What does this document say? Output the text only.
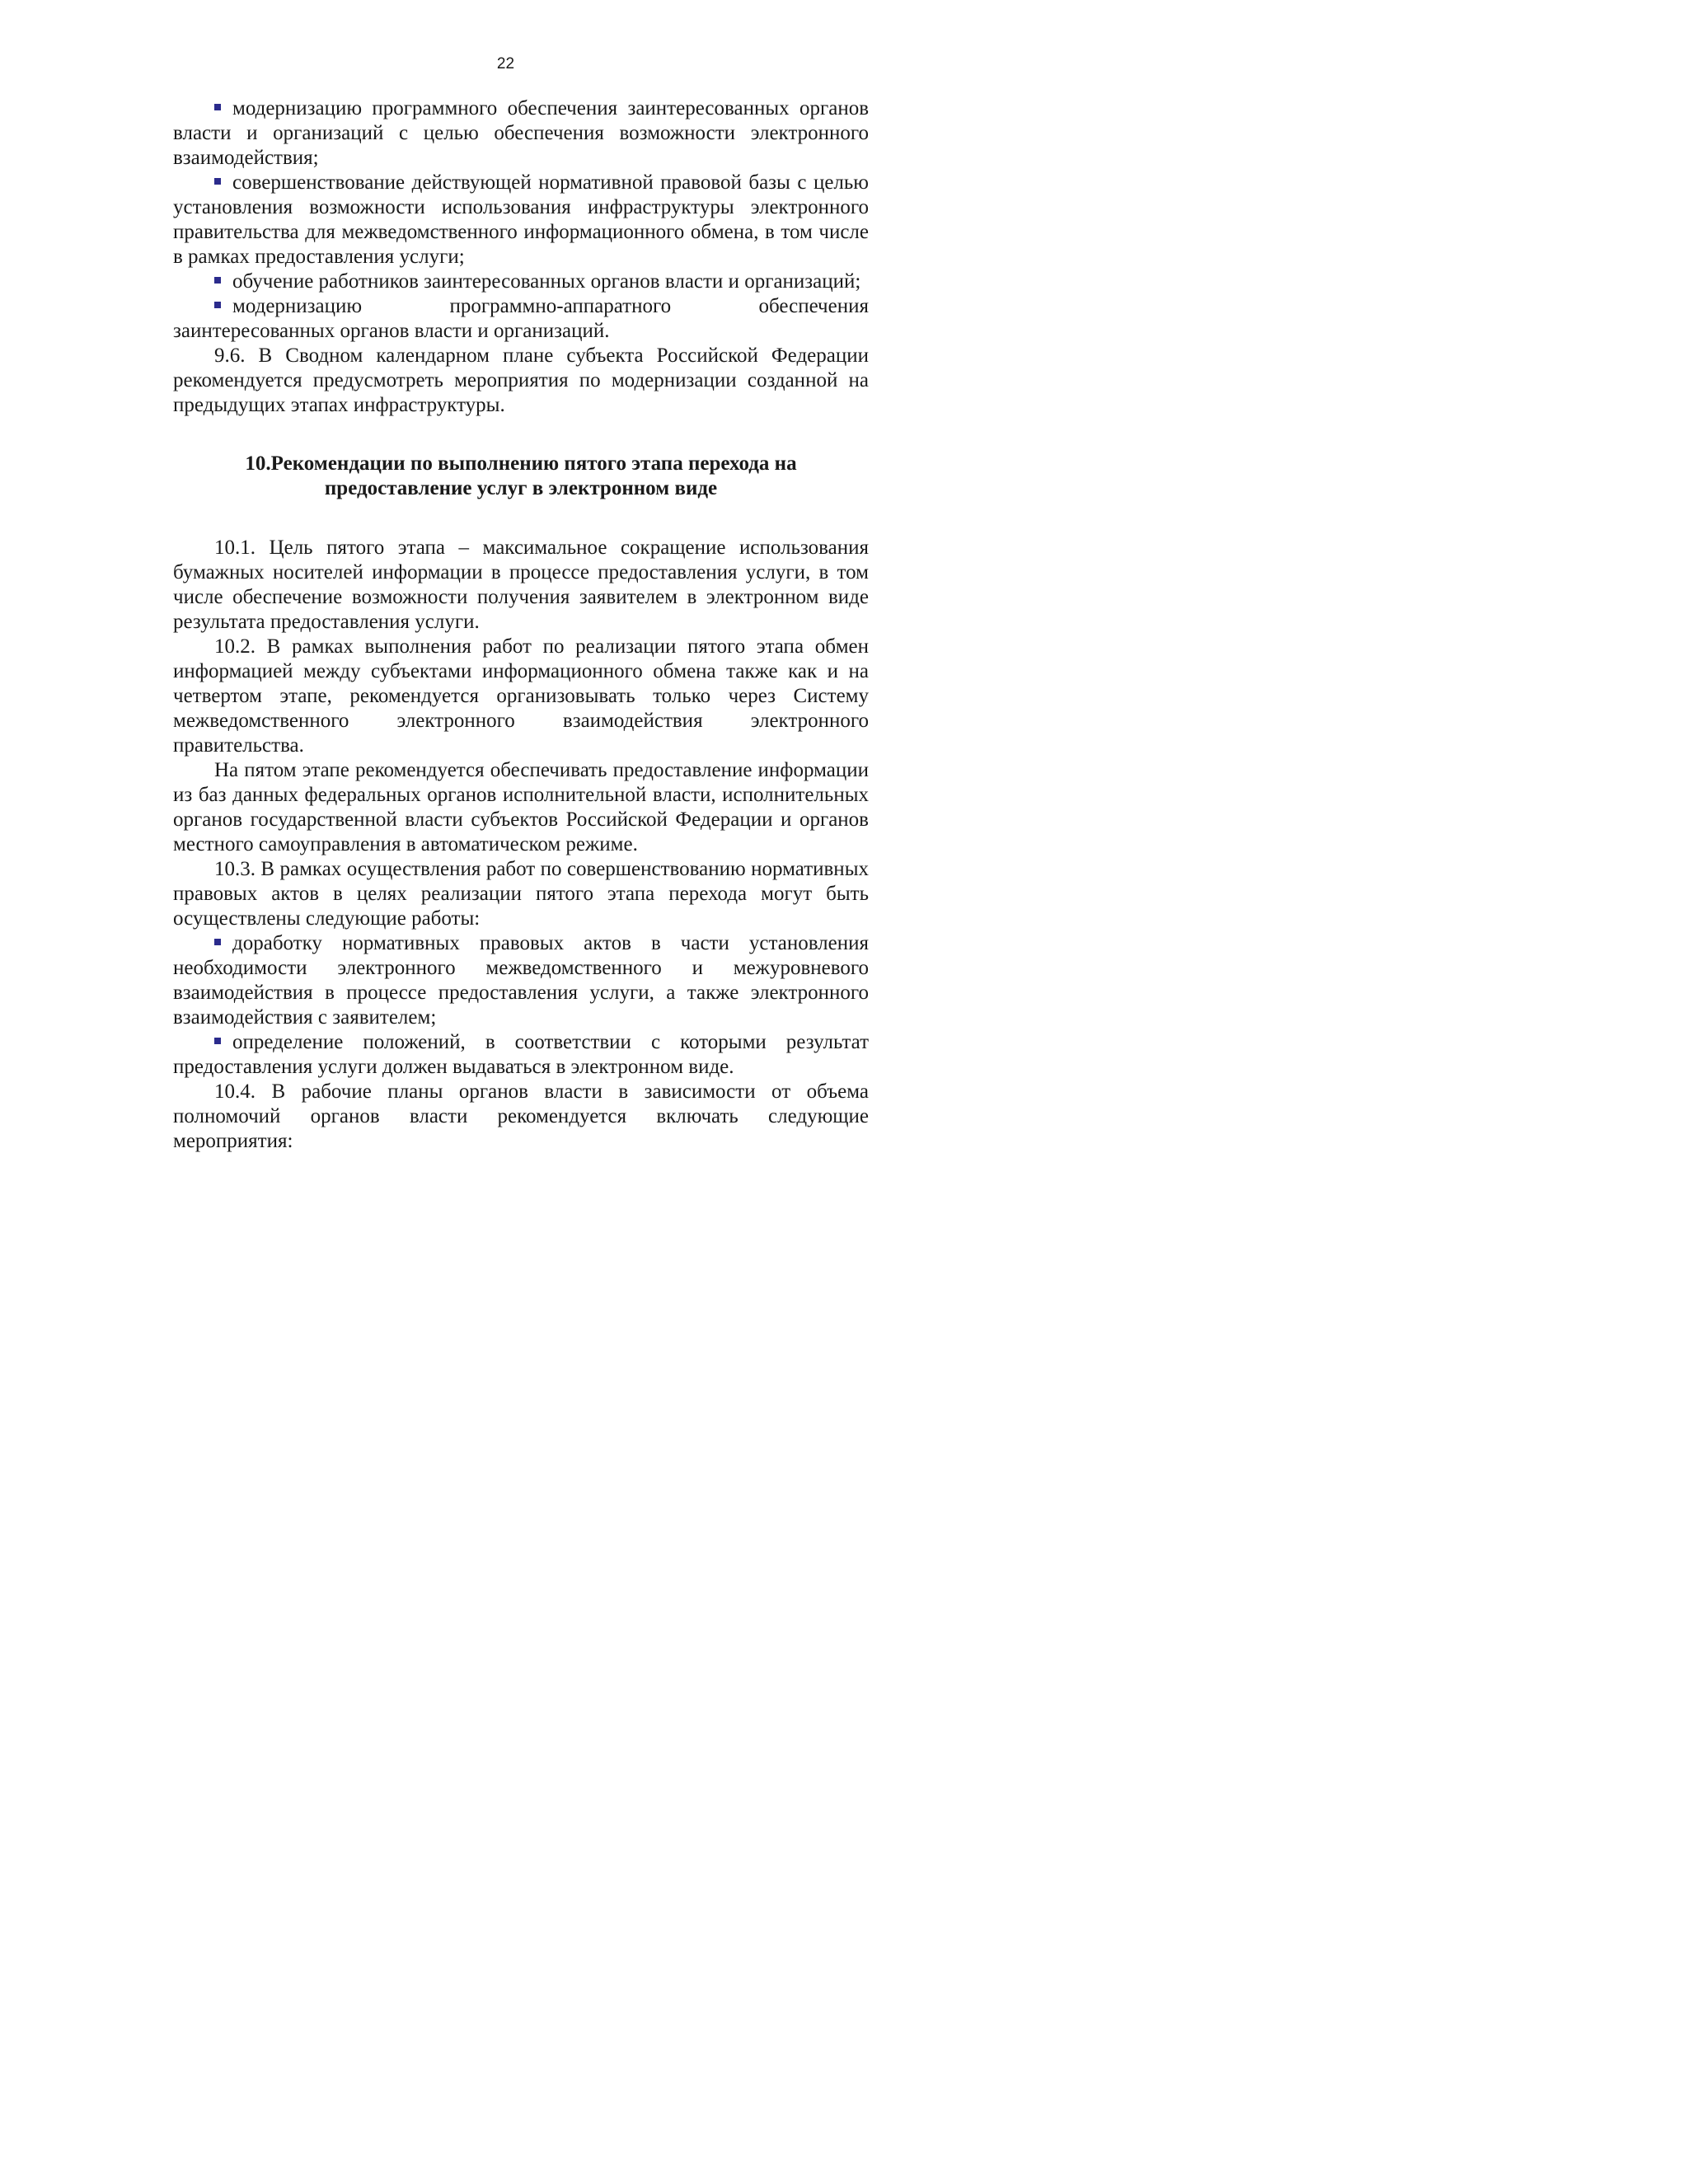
22

модернизацию программного обеспечения заинтересованных органов власти и организаций с целью обеспечения возможности электронного взаимодействия;

совершенствование действующей нормативной правовой базы с целью установления возможности использования инфраструктуры электронного правительства для межведомственного информационного обмена, в том числе в рамках предоставления услуги;

обучение работников заинтересованных органов власти и организаций;

модернизацию программно-аппаратного обеспечения заинтересованных органов власти и организаций.

9.6. В Сводном календарном плане субъекта Российской Федерации рекомендуется предусмотреть мероприятия по модернизации созданной на предыдущих этапах инфраструктуры.

10.Рекомендации по выполнению пятого этапа перехода на
предоставление услуг в электронном виде

10.1. Цель пятого этапа – максимальное сокращение использования бумажных носителей информации в процессе предоставления услуги, в том числе обеспечение возможности получения заявителем в электронном виде результата предоставления услуги.

10.2. В рамках выполнения работ по реализации пятого этапа обмен информацией между субъектами информационного обмена также как и на четвертом этапе, рекомендуется организовывать только через Систему межведомственного электронного взаимодействия электронного правительства.

На пятом этапе рекомендуется обеспечивать предоставление информации из баз данных федеральных органов исполнительной власти, исполнительных органов государственной власти субъектов Российской Федерации и органов местного самоуправления в автоматическом режиме.

10.3. В рамках осуществления работ по совершенствованию нормативных правовых актов в целях реализации пятого этапа перехода могут быть осуществлены следующие работы:

доработку нормативных правовых актов в части установления необходимости электронного межведомственного и межуровневого взаимодействия в процессе предоставления услуги, а также электронного взаимодействия с заявителем;

определение положений, в соответствии с которыми результат предоставления услуги должен выдаваться в электронном виде.

10.4. В рабочие планы органов власти в зависимости от объема полномочий органов власти рекомендуется включать следующие мероприятия:
